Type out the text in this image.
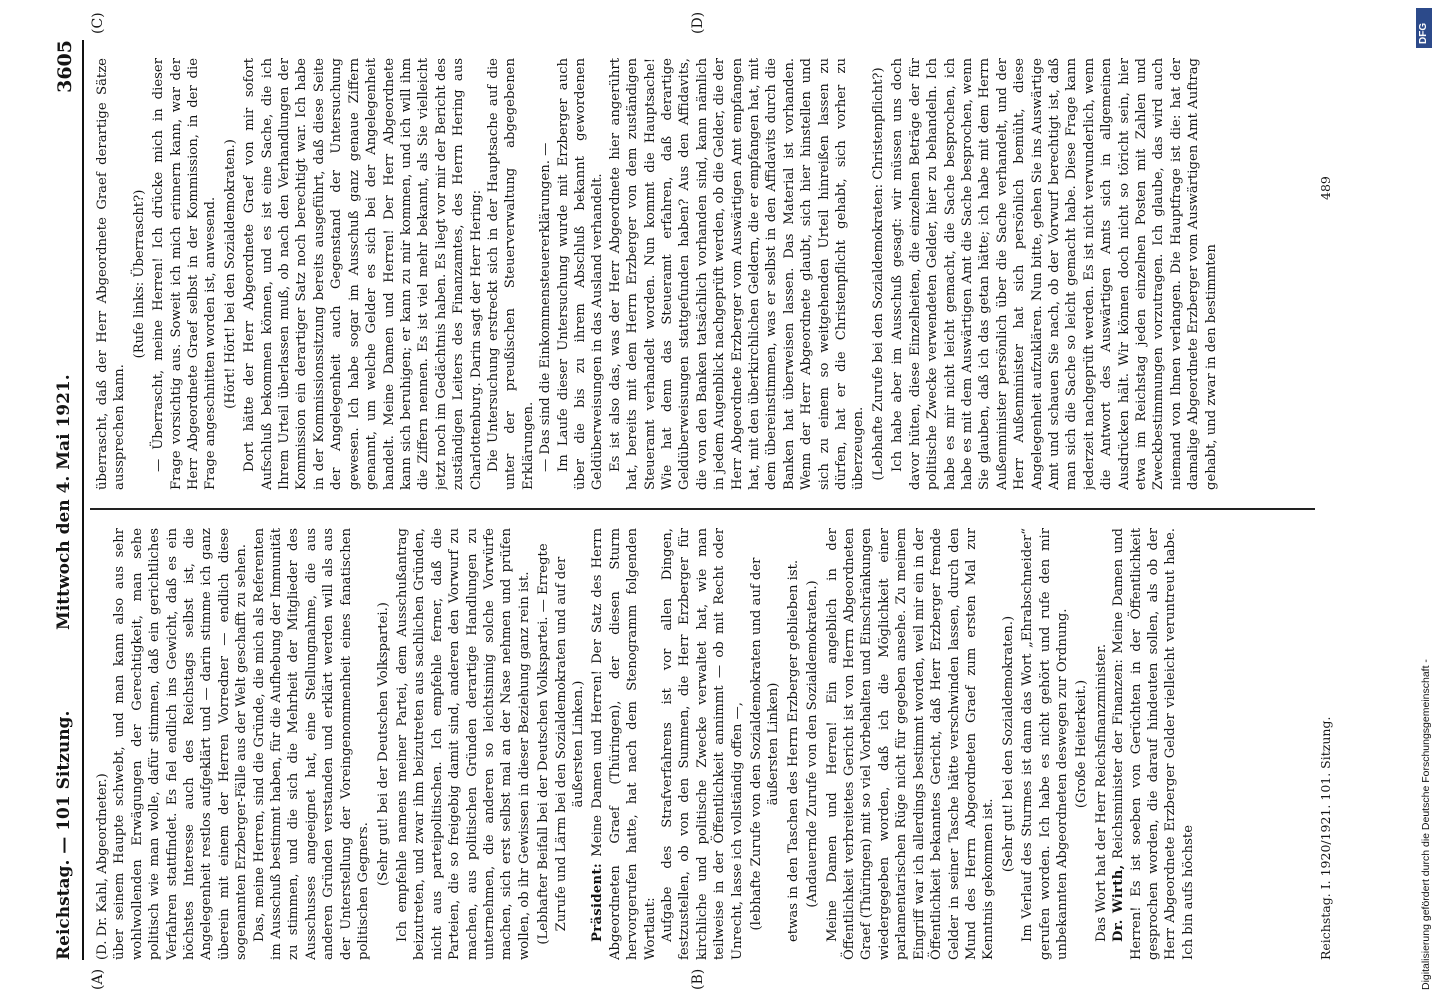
Reichstag. — 101 Sitzung.
Mittwoch den 4. Mai 1921.
3605

(D. Dr. Kahl, Abgeordneter.) über seinem Haupte schwebt, und man kann also aus sehr wohlwollenden Erwägungen der Gerechtigkeit, man sehe politisch wie man wolle, dafür stimmen, daß ein gerichtliches Verfahren stattfindet. Es fiel endlich ins Gewicht, daß es ein höchstes Interesse auch des Reichstags selbst ist, die Angelegenheit restlos aufgeklärt und — darin stimme ich ganz überein mit einem der Herren Vorredner — endlich diese sogenannten Erzberger-Fälle aus der Welt geschafft zu sehen. Das, meine Herren, sind die Gründe, die mich als Referenten im Ausschuß bestimmt haben, für die Aufhebung der Immunität zu stimmen, und die sich die Mehrheit der Mitglieder des Ausschusses angeeignet hat, eine Stellungnahme, die aus anderen Gründen verstanden und erklärt werden will als aus der Unterstellung der Voreingenommenheit eines fanatischen politischen Gegners.

(Sehr gut! bei der Deutschen Volkspartei.) Ich empfehle namens meiner Partei, dem Ausschußantrag beizutreten, und zwar ihm beizutreten aus sachlichen Gründen, nicht aus parteipolitischen. Ich empfehle ferner, daß die Parteien, die so freigebig damit sind, anderen den Vorwurf zu machen, aus politischen Gründen derartige Handlungen zu unternehmen, die anderen so leichtsinnig solche Vorwürfe machen, sich erst selbst mal an der Nase nehmen und prüfen wollen, ob ihr Gewissen in dieser Beziehung ganz rein ist. (Lebhafter Beifall bei der Deutschen Volkspartei. — Erregte Zurufe und Lärm bei den Sozialdemokraten und auf der äußersten Linken.)

Präsident: Meine Damen und Herren! Der Satz des Herrn Abgeordneten Graef (Thüringen), der diesen Sturm hervorgerufen hatte, hat nach dem Stenogramm folgenden Wortlaut: Aufgabe des Strafverfahrens ist vor allen Dingen, festzustellen, ob von den Summen, die Herr Erzberger für kirchliche und politische Zwecke verwaltet hat, wie man teilweise in der Öffentlichkeit annimmt — ob mit Recht oder Unrecht, lasse ich vollständig offen —, (lebhafte Zurufe von den Sozialdemokraten und auf der äußersten Linken) etwas in den Taschen des Herrn Erzberger geblieben ist. (Andauernde Zurufe von den Sozialdemokraten.) Meine Damen und Herren! Ein angeblich in der Öffentlichkeit verbreitetes Gericht ist von Herrn Abgeordneten Graef (Thüringen) mit so viel Vorbehalten und Einschränkungen wiedergegeben worden, daß ich die Möglichkeit einer parlamentarischen Rüge nicht für gegeben ansehe. Zu meinem Eingriff war ich allerdings bestimmt worden, weil mir ein in der Öffentlichkeit bekanntes Gericht, daß Herr Erzberger fremde Gelder in seiner Tasche hätte verschwinden lassen, durch den Mund des Herrn Abgeordneten Graef zum ersten Mal zur Kenntnis gekommen ist.

(Sehr gut! bei den Sozialdemokraten.) Im Verlauf des Sturmes ist dann das Wort „Ehrabschneider“ gerufen worden. Ich habe es nicht gehört und rufe den mir unbekannten Abgeordneten deswegen zur Ordnung. (Große Heiterkeit.) Das Wort hat der Herr Reichsfinanzminister. Dr. Wirth, Reichsminister der Finanzen: Meine Damen und Herren! Es ist soeben von Gerüchten in der Öffentlichkeit gesprochen worden, die darauf hindeuten sollen, als ob der Herr Abgeordnete Erzberger Gelder vielleicht veruntreut habe. Ich bin aufs höchste

überrascht, daß der Herr Abgeordnete Graef derartige Sätze aussprechen kann.

(Rufe links: Überrascht?) — Überrascht, meine Herren! Ich drücke mich in dieser Frage vorsichtig aus. Soweit ich mich erinnern kann, war der Herr Abgeordnete Graef selbst in der Kommission, in der die Frage angeschnitten worden ist, anwesend. (Hört! Hört! bei den Sozialdemokraten.) Dort hätte der Herr Abgeordnete Graef von mir sofort Aufschluß bekommen können, und es ist eine Sache, die ich Ihrem Urteil überlassen muß, ob nach den Verhandlungen der Kommission ein derartiger Satz noch berechtigt war. Ich habe in der Kommissionssitzung bereits ausgeführt, daß diese Seite der Angelegenheit auch Gegenstand der Untersuchung gewesen. Ich habe sogar im Ausschuß ganz genaue Ziffern genannt, um welche Gelder es sich bei der Angelegenheit handelt. Meine Damen und Herren! Der Herr Abgeordnete kann sich beruhigen; er kann zu mir kommen, und ich will ihm die Ziffern nennen. Es ist viel mehr bekannt, als Sie vielleicht jetzt noch im Gedächtnis haben. Es liegt vor mir der Bericht des zuständigen Leiters des Finanzamtes, des Herrn Hering aus Charlottenburg. Darin sagt der Herr Hering: Die Untersuchung erstreckt sich in der Hauptsache auf die unter der preußischen Steuerverwaltung abgegebenen Erklärungen. — Das sind die Einkommensteuererklärungen. — Im Laufe dieser Untersuchung wurde mit Erzberger auch über die bis zu ihrem Abschluß bekannt gewordenen Geldüberweisungen in das Ausland verhandelt. Es ist also das, was der Herr Abgeordnete hier angerührt hat, bereits mit dem Herrn Erzberger von dem zuständigen Steueramt verhandelt worden. Nun kommt die Hauptsache! Wie hat denn das Steueramt erfahren, daß derartige Geldüberweisungen stattgefunden haben? Aus den Affidavits, die von den Banken tatsächlich vorhanden sind, kann nämlich in jedem Augenblick nachgeprüft werden, ob die Gelder, die der Herr Abgeordnete Erzberger vom Auswärtigen Amt empfangen hat, mit den überkirchlichen Geldern, die er empfangen hat, mit dem übereinstimmen, was er selbst in den Affidavits durch die Banken hat überweisen lassen. Das Material ist vorhanden. Wenn der Herr Abgeordnete glaubt, sich hier hinstellen und sich zu einem so weitgehenden Urteil hinreißen lassen zu dürfen, hat er die Christenpflicht gehabt, sich vorher zu überzeugen. (Lebhafte Zurufe bei den Sozialdemokraten: Christenpflicht?) Ich habe aber im Ausschuß gesagt: wir müssen uns doch davor hüten, diese Einzelheiten, die einzelnen Beträge der für politische Zwecke verwendeten Gelder, hier zu behandeln. Ich habe es mir nicht leicht gemacht, die Sache besprochen, ich habe es mit dem Auswärtigen Amt die Sache besprochen, wenn Sie glauben, daß ich das getan hätte; ich habe mit dem Herrn Außenminister persönlich über die Sache verhandelt, und der Herr Außenminister hat sich persönlich bemüht, diese Angelegenheit aufzuklären. Nun bitte, gehen Sie ins Auswärtige Amt und schauen Sie nach, ob der Vorwurf berechtigt ist, daß man sich die Sache so leicht gemacht habe. Diese Frage kann jederzeit nachgeprüft werden. Es ist nicht verwunderlich, wenn die Antwort des Auswärtigen Amts sich in allgemeinen Ausdrücken hält. Wir können doch nicht so töricht sein, hier etwa im Reichstag jeden einzelnen Posten mit Zahlen und Zweckbestimmungen vorzutragen. Ich glaube, das wird auch niemand von Ihnen verlangen. Die Hauptfrage ist die: hat der damalige Abgeordnete Erzberger vom Auswärtigen Amt Auftrag gehabt, und zwar in den bestimmten

(A)	(B)
(C)	(D)
Reichstag. I. 1920/1921. 101. Sitzung.
489
Digitalisierung gefördert durch die Deutsche Forschungsgemeinschaft -
DFG
